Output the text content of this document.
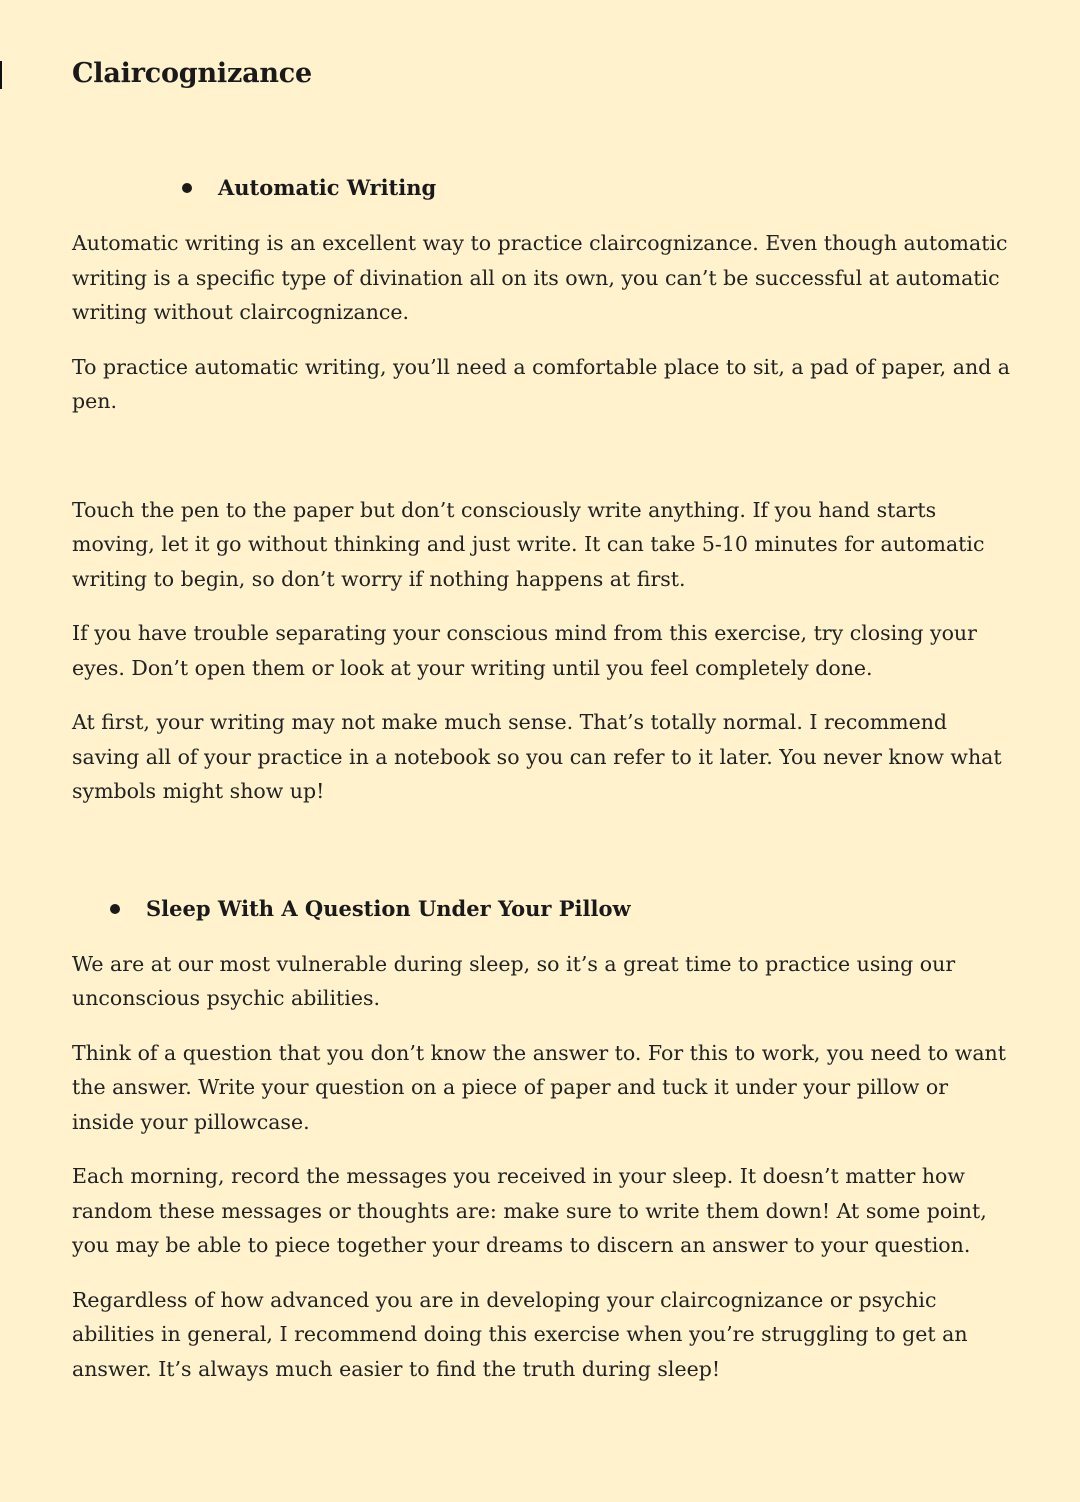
Claircognizance
Automatic Writing

Automatic writing is an excellent way to practice claircognizance. Even though automatic writing is a specific type of divination all on its own, you can’t be successful at automatic writing without claircognizance.

To practice automatic writing, you’ll need a comfortable place to sit, a pad of paper, and a pen.

Touch the pen to the paper but don’t consciously write anything. If you hand starts moving, let it go without thinking and just write. It can take 5-10 minutes for automatic writing to begin, so don’t worry if nothing happens at first.

If you have trouble separating your conscious mind from this exercise, try closing your eyes. Don’t open them or look at your writing until you feel completely done.

At first, your writing may not make much sense. That’s totally normal. I recommend saving all of your practice in a notebook so you can refer to it later. You never know what symbols might show up!

Sleep With A Question Under Your Pillow

We are at our most vulnerable during sleep, so it’s a great time to practice using our unconscious psychic abilities.

Think of a question that you don’t know the answer to. For this to work, you need to want the answer. Write your question on a piece of paper and tuck it under your pillow or inside your pillowcase.

Each morning, record the messages you received in your sleep. It doesn’t matter how random these messages or thoughts are: make sure to write them down! At some point, you may be able to piece together your dreams to discern an answer to your question.

Regardless of how advanced you are in developing your claircognizance or psychic abilities in general, I recommend doing this exercise when you’re struggling to get an answer. It’s always much easier to find the truth during sleep!
